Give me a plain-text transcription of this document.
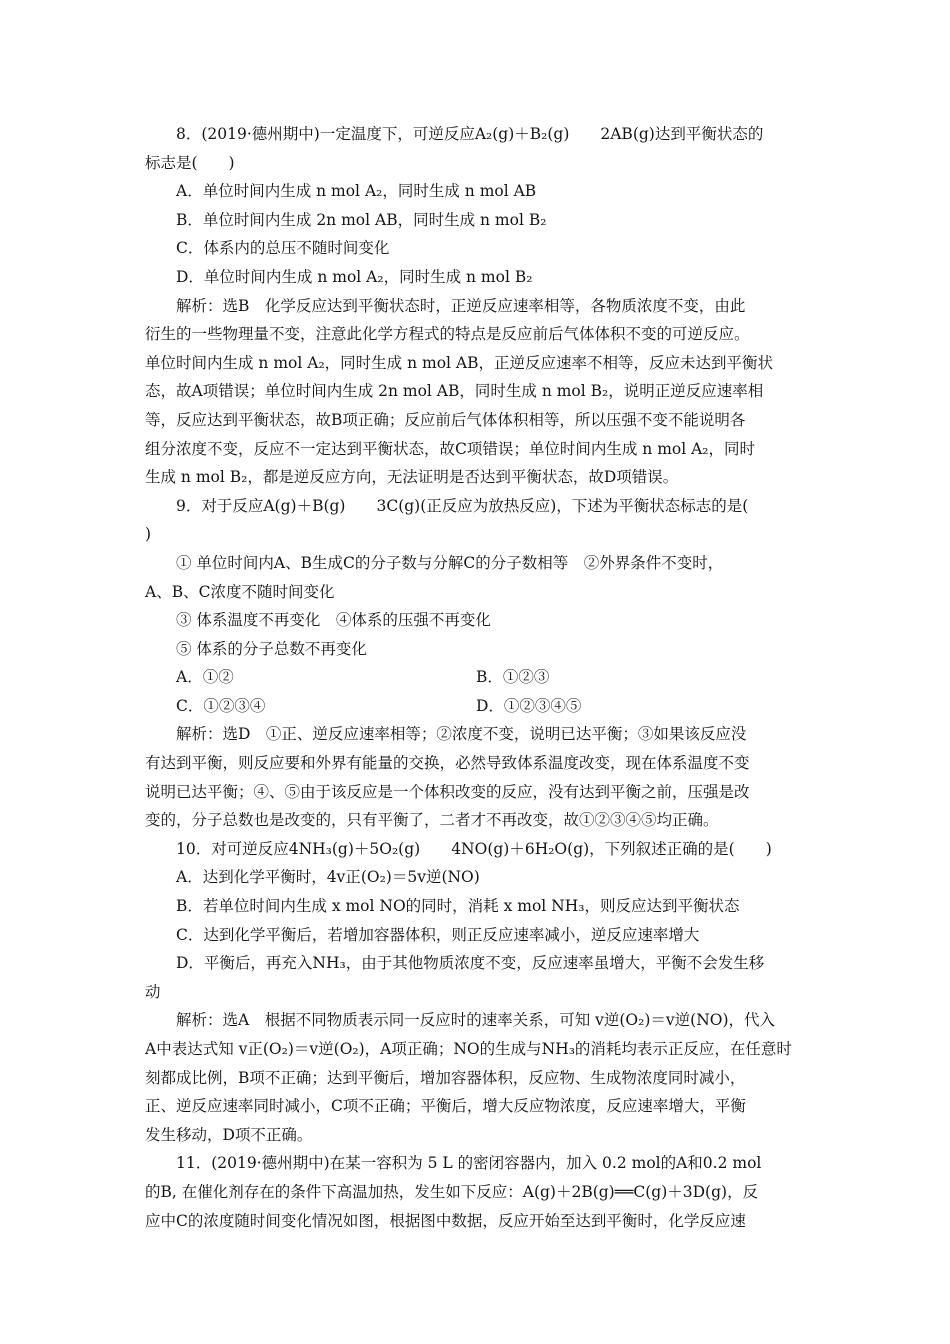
8．(2019·德州期中)一定温度下，可逆反应A₂(g)＋B₂(g)　　2AB(g)达到平衡状态的
标志是(　　)
A．单位时间内生成 n mol A₂，同时生成 n mol AB
B．单位时间内生成 2n mol AB，同时生成 n mol B₂
C．体系内的总压不随时间变化
D．单位时间内生成 n mol A₂，同时生成 n mol B₂
解析：选B　化学反应达到平衡状态时，正逆反应速率相等，各物质浓度不变，由此
衍生的一些物理量不变，注意此化学方程式的特点是反应前后气体体积不变的可逆反应。
单位时间内生成 n mol A₂，同时生成 n mol AB，正逆反应速率不相等，反应未达到平衡状
态，故A项错误；单位时间内生成 2n mol AB，同时生成 n mol B₂，说明正逆反应速率相
等，反应达到平衡状态，故B项正确；反应前后气体体积相等，所以压强不变不能说明各
组分浓度不变，反应不一定达到平衡状态，故C项错误；单位时间内生成 n mol A₂，同时
生成 n mol B₂，都是逆反应方向，无法证明是否达到平衡状态，故D项错误。
9．对于反应A(g)＋B(g)　　3C(g)(正反应为放热反应)，下述为平衡状态标志的是(
)
① 单位时间内A、B生成C的分子数与分解C的分子数相等　②外界条件不变时，
A、B、C浓度不随时间变化
③ 体系温度不再变化　④体系的压强不再变化
⑤ 体系的分子总数不再变化
A．①②	B．①②③
C．①②③④	D．①②③④⑤
解析：选D　①正、逆反应速率相等；②浓度不变，说明已达平衡；③如果该反应没
有达到平衡，则反应要和外界有能量的交换，必然导致体系温度改变，现在体系温度不变
说明已达平衡；④、⑤由于该反应是一个体积改变的反应，没有达到平衡之前，压强是改
变的，分子总数也是改变的，只有平衡了，二者才不再改变，故①②③④⑤均正确。
10．对可逆反应4NH₃(g)＋5O₂(g)　　4NO(g)＋6H₂O(g)，下列叙述正确的是(　　)
A．达到化学平衡时，4v正(O₂)＝5v逆(NO)
B．若单位时间内生成 x mol NO的同时，消耗 x mol NH₃，则反应达到平衡状态
C．达到化学平衡后，若增加容器体积，则正反应速率减小，逆反应速率增大
D．平衡后，再充入NH₃，由于其他物质浓度不变，反应速率虽增大，平衡不会发生移
动
解析：选A　根据不同物质表示同一反应时的速率关系，可知 v逆(O₂)＝v逆(NO)，代入
A中表达式知 v正(O₂)＝v逆(O₂)，A项正确；NO的生成与NH₃的消耗均表示正反应，在任意时
刻都成比例，B项不正确；达到平衡后，增加容器体积，反应物、生成物浓度同时减小，
正、逆反应速率同时减小，C项不正确；平衡后，增大反应物浓度，反应速率增大，平衡
发生移动，D项不正确。
11．(2019·德州期中)在某一容积为 5 L 的密闭容器内，加入 0.2 mol的A和0.2 mol
的B, 在催化剂存在的条件下高温加热，发生如下反应：A(g)＋2B(g)══C(g)＋3D(g)，反
应中C的浓度随时间变化情况如图，根据图中数据，反应开始至达到平衡时，化学反应速
